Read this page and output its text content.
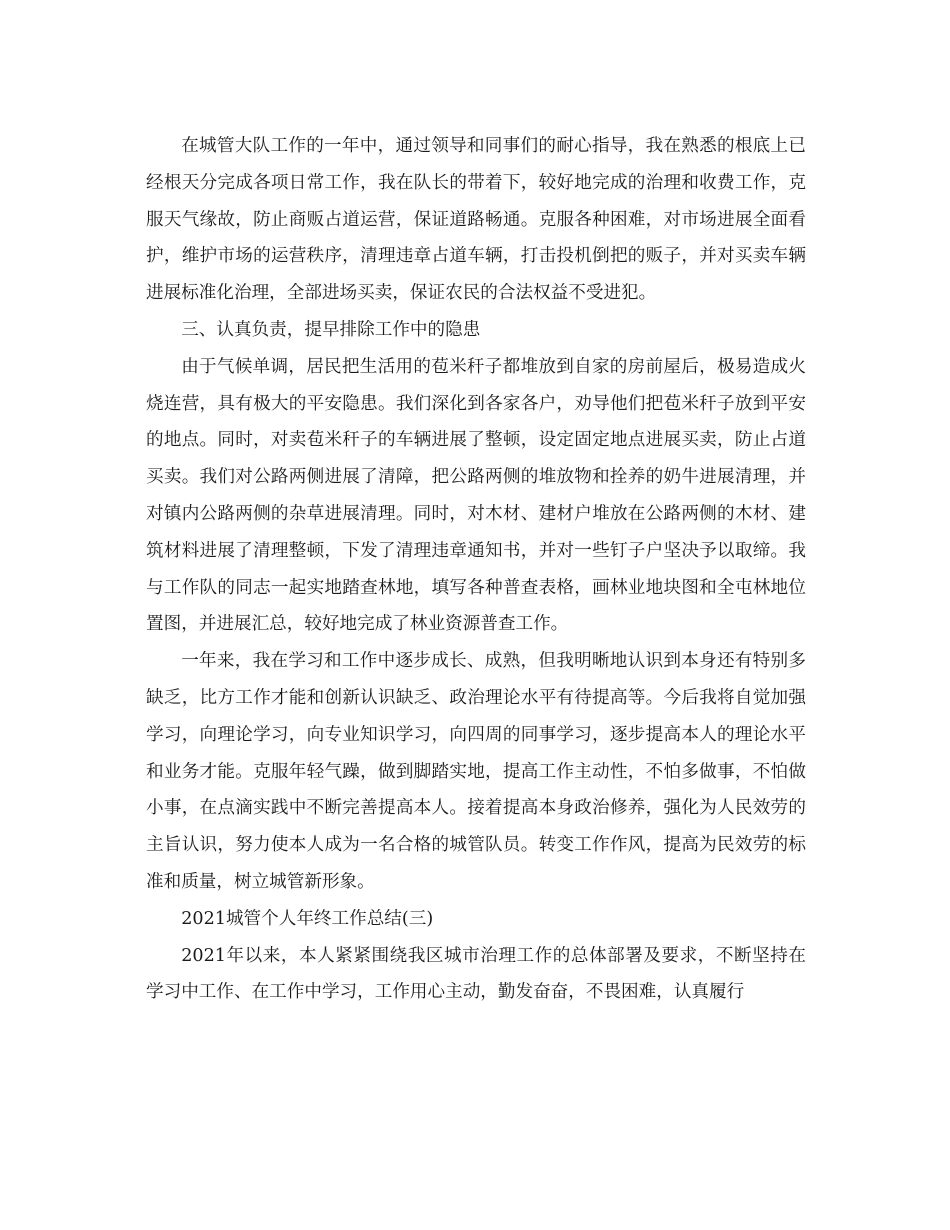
在城管大队工作的一年中，通过领导和同事们的耐心指导，我在熟悉的根底上已经根天分完成各项日常工作，我在队长的带着下，较好地完成的治理和收费工作，克服天气缘故，防止商贩占道运营，保证道路畅通。克服各种困难，对市场进展全面看护，维护市场的运营秩序，清理违章占道车辆，打击投机倒把的贩子，并对买卖车辆进展标准化治理，全部进场买卖，保证农民的合法权益不受进犯。

三、认真负责，提早排除工作中的隐患

由于气候单调，居民把生活用的苞米秆子都堆放到自家的房前屋后，极易造成火烧连营，具有极大的平安隐患。我们深化到各家各户，劝导他们把苞米秆子放到平安的地点。同时，对卖苞米秆子的车辆进展了整顿，设定固定地点进展买卖，防止占道买卖。我们对公路两侧进展了清障，把公路两侧的堆放物和拴养的奶牛进展清理，并对镇内公路两侧的杂草进展清理。同时，对木材、建材户堆放在公路两侧的木材、建筑材料进展了清理整顿，下发了清理违章通知书，并对一些钉子户坚决予以取缔。我与工作队的同志一起实地踏查林地，填写各种普查表格，画林业地块图和全屯林地位置图，并进展汇总，较好地完成了林业资源普查工作。

一年来，我在学习和工作中逐步成长、成熟，但我明晰地认识到本身还有特别多缺乏，比方工作才能和创新认识缺乏、政治理论水平有待提高等。今后我将自觉加强学习，向理论学习，向专业知识学习，向四周的同事学习，逐步提高本人的理论水平和业务才能。克服年轻气躁，做到脚踏实地，提高工作主动性，不怕多做事，不怕做小事，在点滴实践中不断完善提高本人。接着提高本身政治修养，强化为人民效劳的主旨认识，努力使本人成为一名合格的城管队员。转变工作作风，提高为民效劳的标准和质量，树立城管新形象。

2021城管个人年终工作总结(三)

2021年以来，本人紧紧围绕我区城市治理工作的总体部署及要求，不断坚持在学习中工作、在工作中学习，工作用心主动，勤发奋奋，不畏困难，认真履行
